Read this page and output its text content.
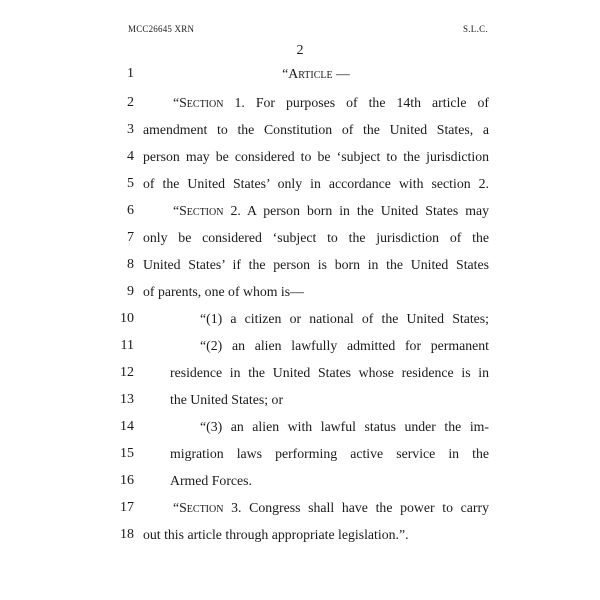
MCC26645 XRN	S.L.C.
2
1	“Article —
2	“Section 1. For purposes of the 14th article of
3 amendment to the Constitution of the United States, a
4 person may be considered to be ‘subject to the jurisdiction
5 of the United States’ only in accordance with section 2.
6	“Section 2. A person born in the United States may
7 only be considered ‘subject to the jurisdiction of the
8 United States’ if the person is born in the United States
9 of parents, one of whom is—
10	“(1) a citizen or national of the United States;
11	“(2) an alien lawfully admitted for permanent
12	residence in the United States whose residence is in
13	the United States; or
14	“(3) an alien with lawful status under the im-
15	migration laws performing active service in the
16	Armed Forces.
17	“Section 3. Congress shall have the power to carry
18 out this article through appropriate legislation.”.
